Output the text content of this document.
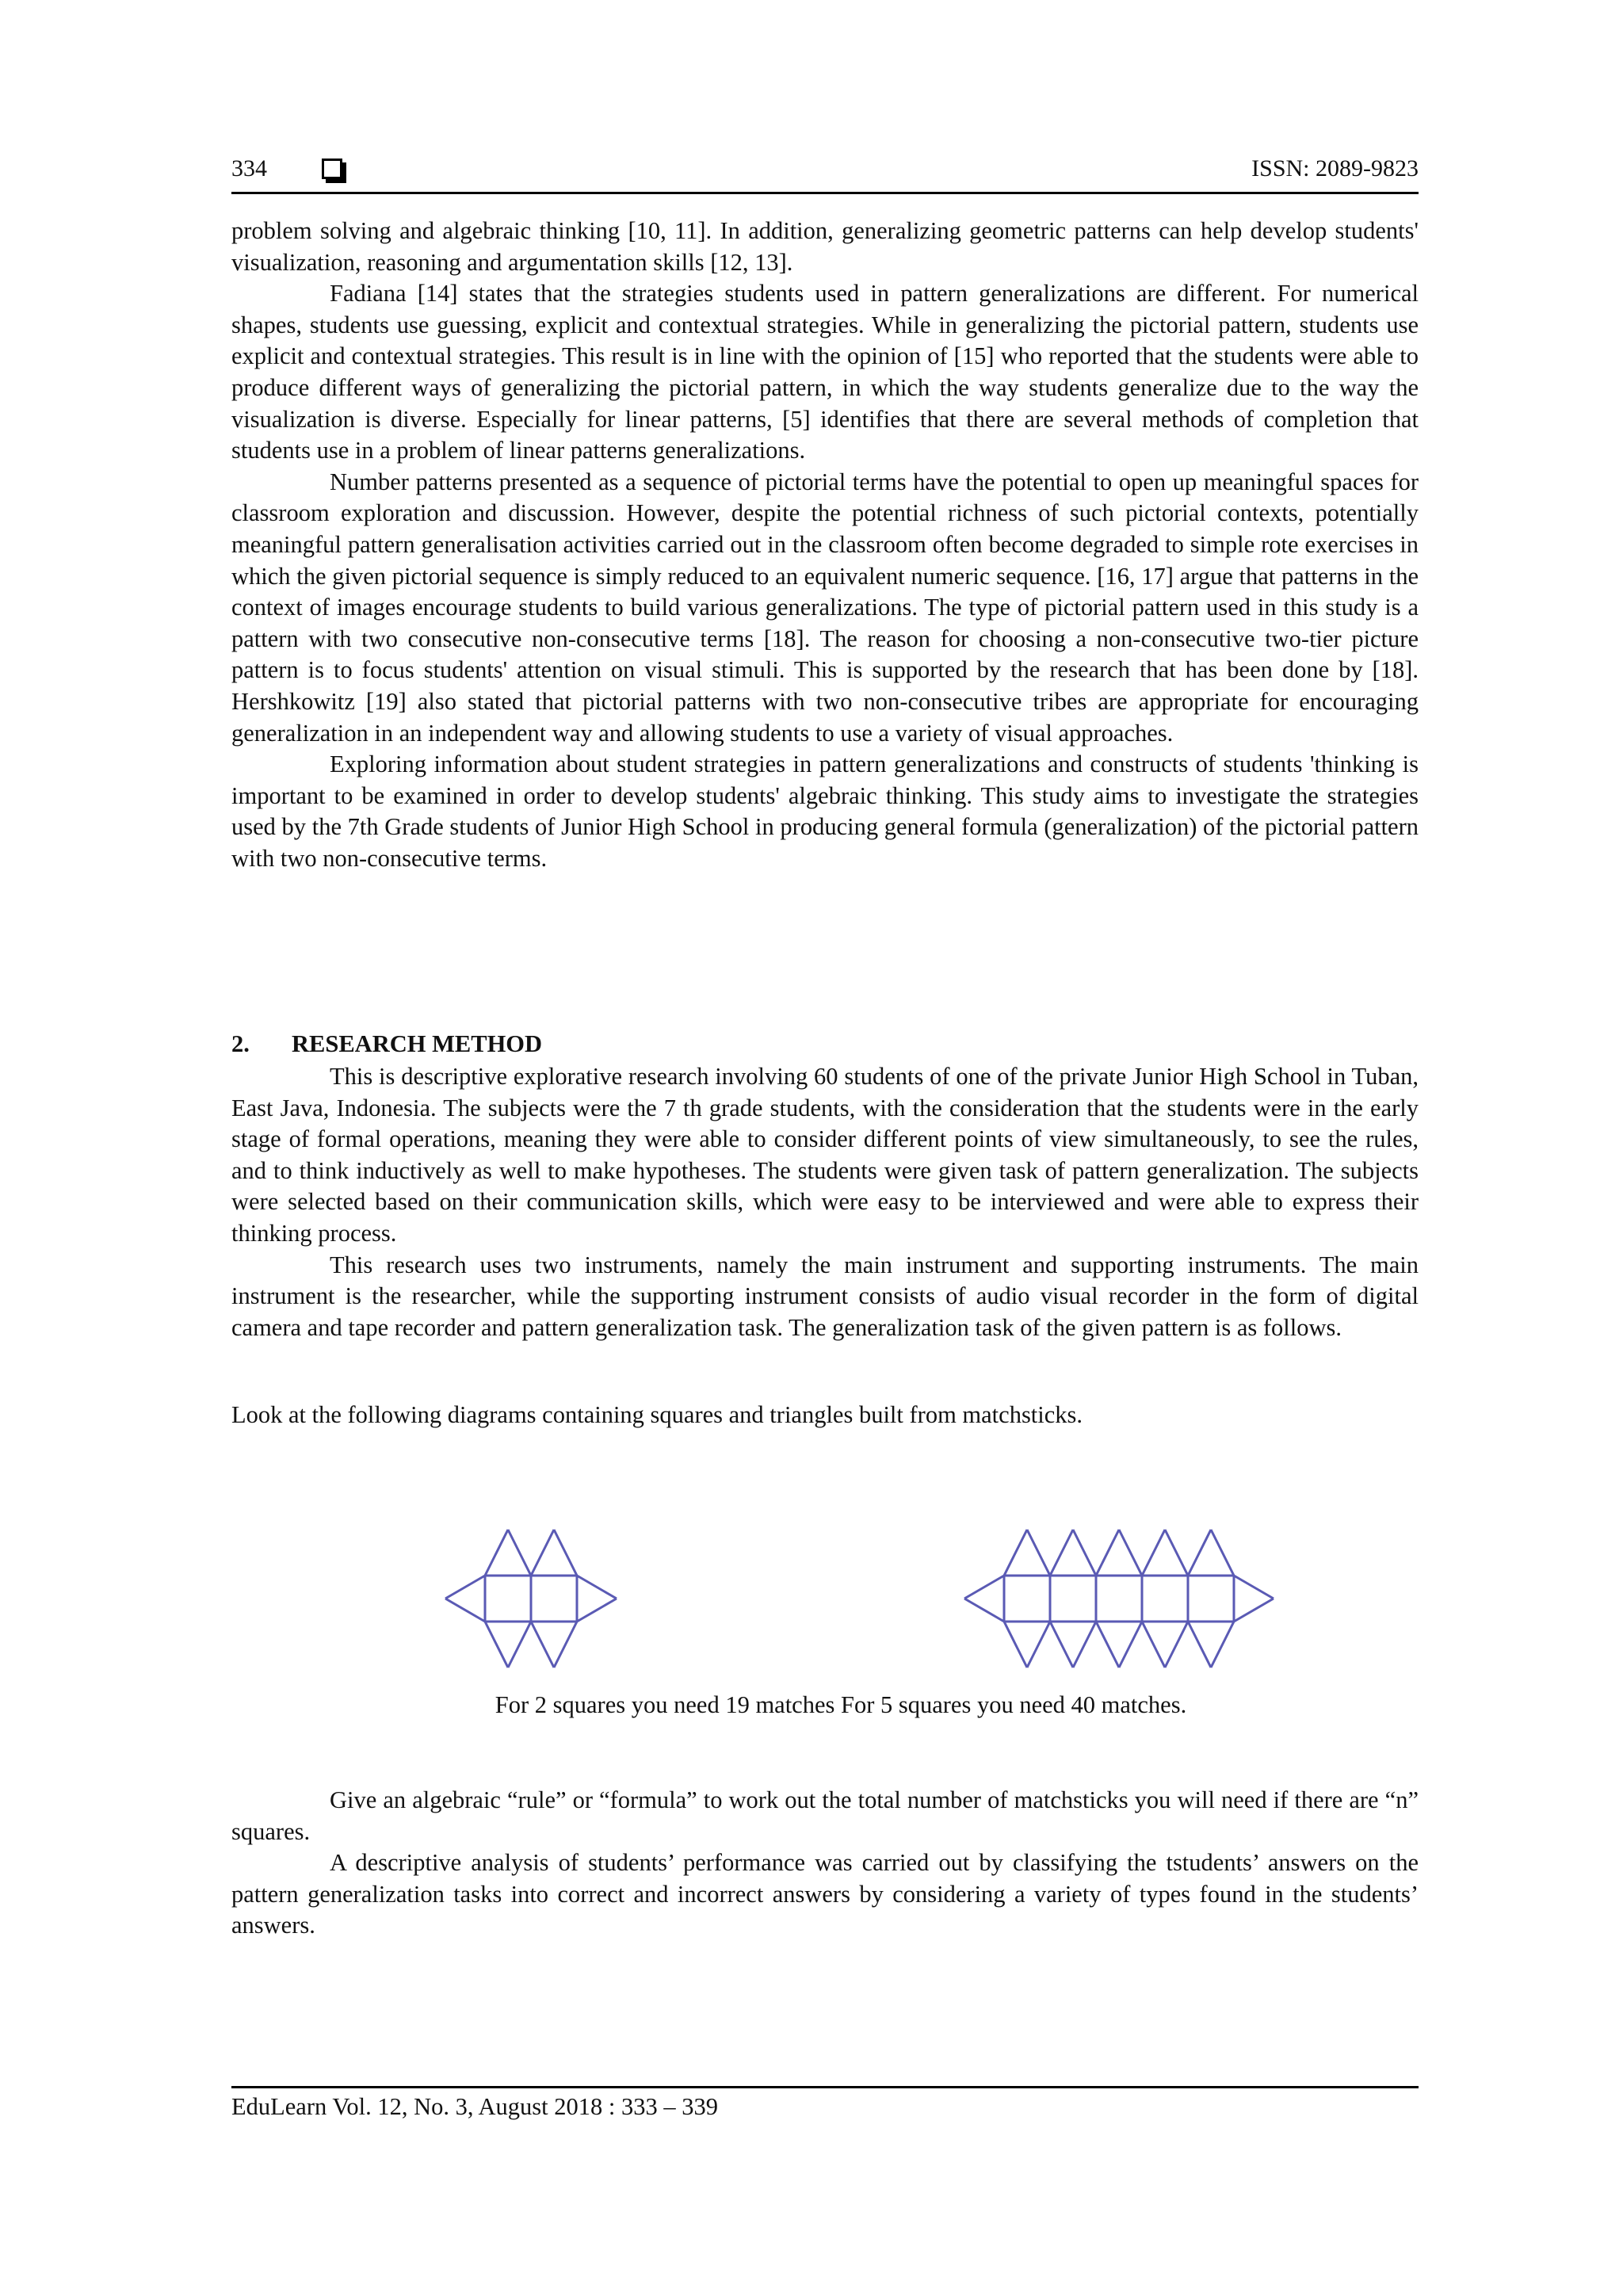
334	ISSN: 2089-9823

problem solving and algebraic thinking [10, 11]. In addition, generalizing geometric patterns can help develop students' visualization, reasoning and argumentation skills [12, 13].

Fadiana [14] states that the strategies students used in pattern generalizations are different. For numerical shapes, students use guessing, explicit and contextual strategies. While in generalizing the pictorial pattern, students use explicit and contextual strategies. This result is in line with the opinion of [15] who reported that the students were able to produce different ways of generalizing the pictorial pattern, in which the way students generalize due to the way the visualization is diverse. Especially for linear patterns, [5] identifies that there are several methods of completion that students use in a problem of linear patterns generalizations.

Number patterns presented as a sequence of pictorial terms have the potential to open up meaningful spaces for classroom exploration and discussion. However, despite the potential richness of such pictorial contexts, potentially meaningful pattern generalisation activities carried out in the classroom often become degraded to simple rote exercises in which the given pictorial sequence is simply reduced to an equivalent numeric sequence. [16, 17] argue that patterns in the context of images encourage students to build various generalizations. The type of pictorial pattern used in this study is a pattern with two consecutive non-consecutive terms [18]. The reason for choosing a non-consecutive two-tier picture pattern is to focus students' attention on visual stimuli. This is supported by the research that has been done by [18]. Hershkowitz [19] also stated that pictorial patterns with two non-consecutive tribes are appropriate for encouraging generalization in an independent way and allowing students to use a variety of visual approaches.

Exploring information about student strategies in pattern generalizations and constructs of students 'thinking is important to be examined in order to develop students' algebraic thinking. This study aims to investigate the strategies used by the 7th Grade students of Junior High School in producing general formula (generalization) of the pictorial pattern with two non-consecutive terms.

2. RESEARCH METHOD

This is descriptive explorative research involving 60 students of one of the private Junior High School in Tuban, East Java, Indonesia. The subjects were the 7 th grade students, with the consideration that the students were in the early stage of formal operations, meaning they were able to consider different points of view simultaneously, to see the rules, and to think inductively as well to make hypotheses. The students were given task of pattern generalization. The subjects were selected based on their communication skills, which were easy to be interviewed and were able to express their thinking process.

This research uses two instruments, namely the main instrument and supporting instruments. The main instrument is the researcher, while the supporting instrument consists of audio visual recorder in the form of digital camera and tape recorder and pattern generalization task. The generalization task of the given pattern is as follows.

Look at the following diagrams containing squares and triangles built from matchsticks.
For 2 squares you need 19 matches For 5 squares you need 40 matches.

Give an algebraic “rule” or “formula” to work out the total number of matchsticks you will need if there are “n” squares.

A descriptive analysis of students’ performance was carried out by classifying the tstudents’ answers on the pattern generalization tasks into correct and incorrect answers by considering a variety of types found in the students’ answers.

EduLearn Vol. 12, No. 3, August 2018 : 333 – 339
